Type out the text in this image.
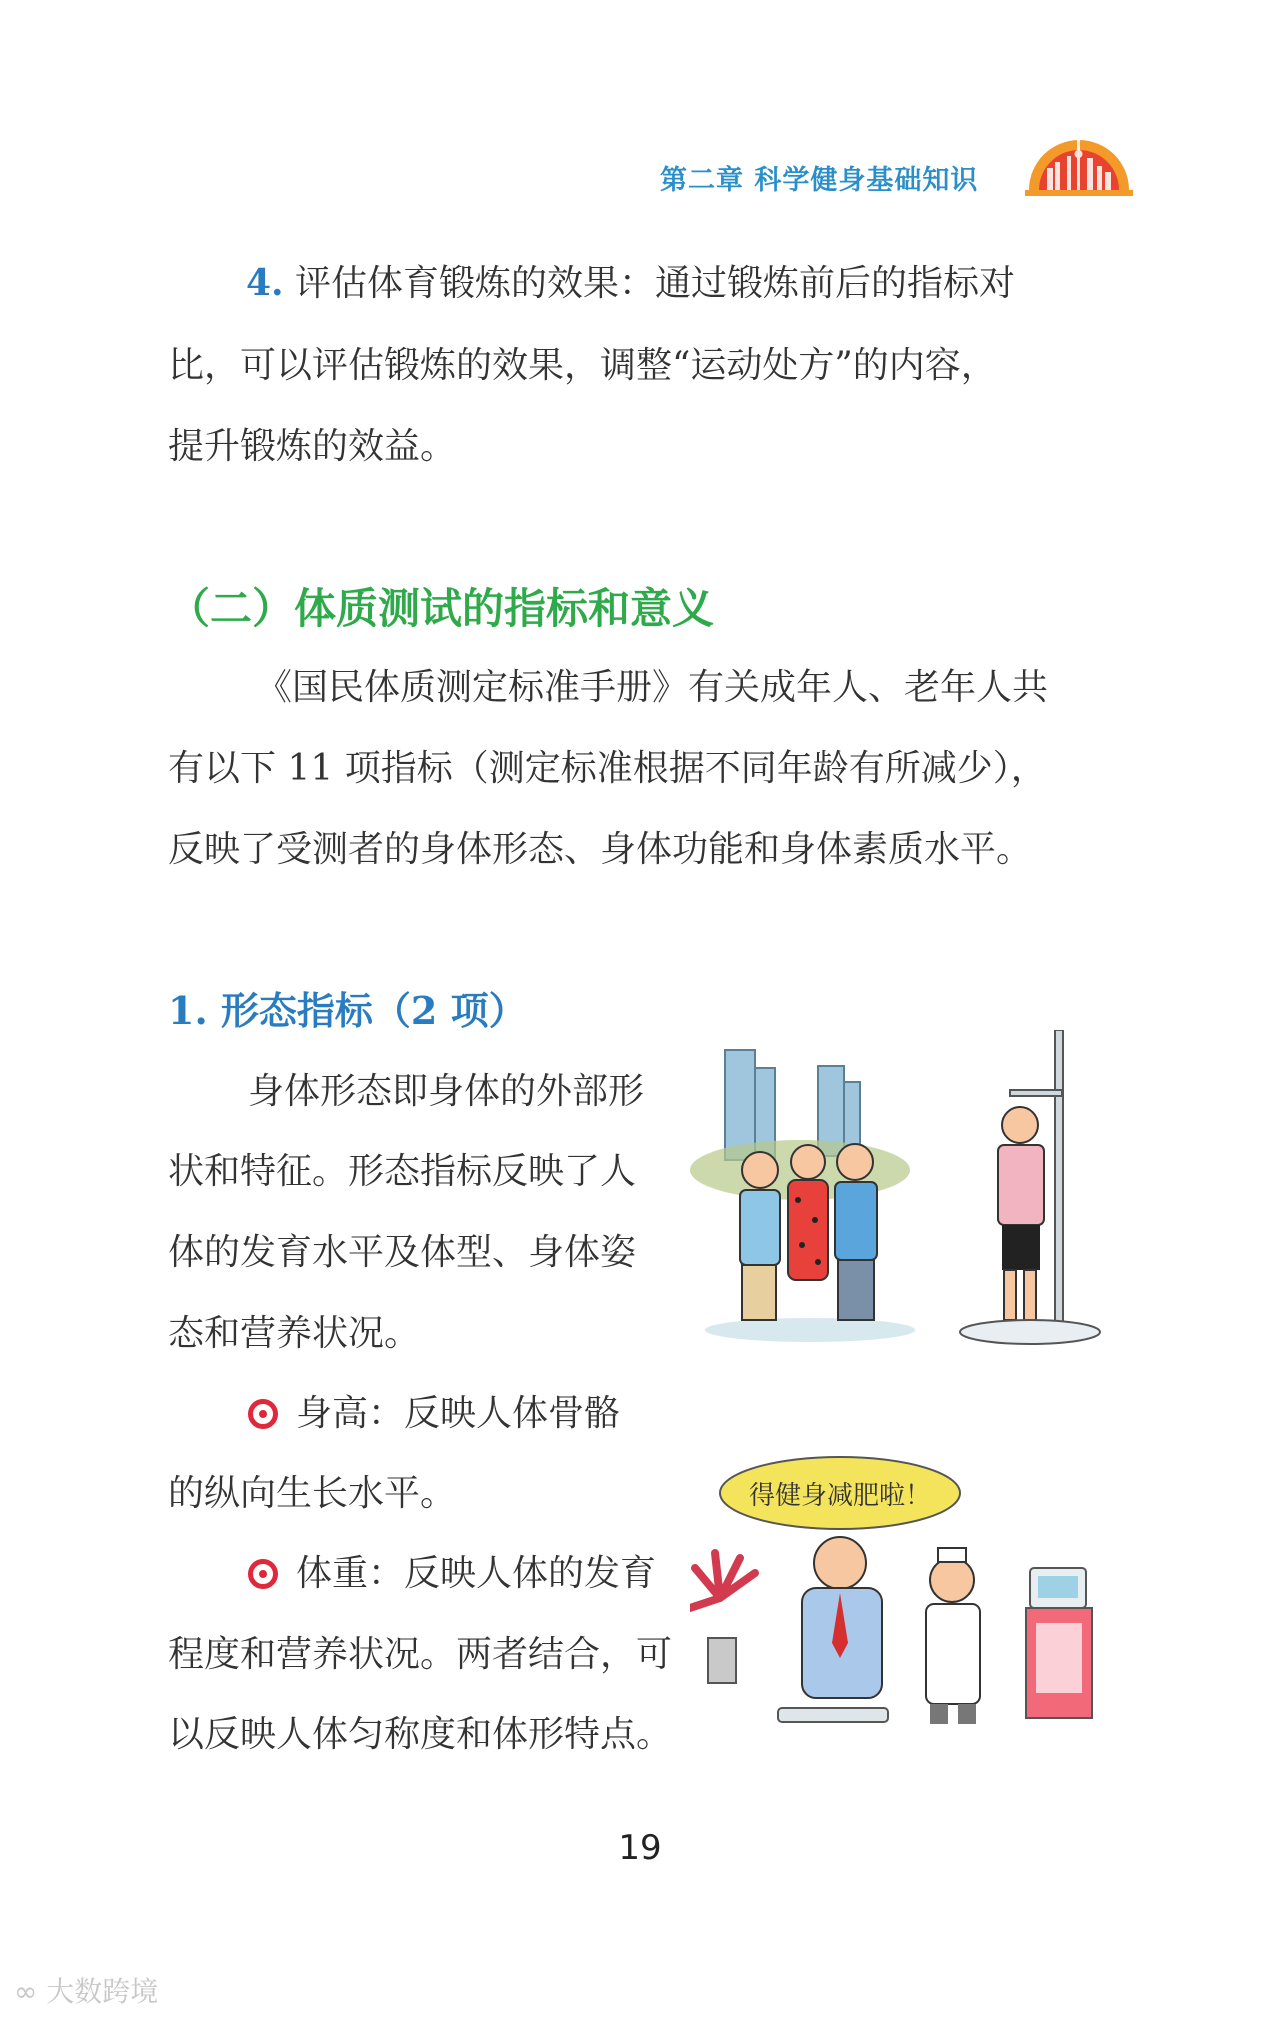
第二章 科学健身基础知识
4. 评估体育锻炼的效果：通过锻炼前后的指标对
比，可以评估锻炼的效果，调整“运动处方”的内容，
提升锻炼的效益。
（二）体质测试的指标和意义
《国民体质测定标准手册》有关成年人、老年人共
有以下 11 项指标（测定标准根据不同年龄有所减少），
反映了受测者的身体形态、身体功能和身体素质水平。
1. 形态指标（2 项）
身体形态即身体的外部形
状和特征。形态指标反映了人
体的发育水平及体型、身体姿
态和营养状况。
身高：反映人体骨骼
的纵向生长水平。
体重：反映人体的发育
程度和营养状况。两者结合，可
以反映人体匀称度和体形特点。
得健身减肥啦！
19
∞ 大数跨境
